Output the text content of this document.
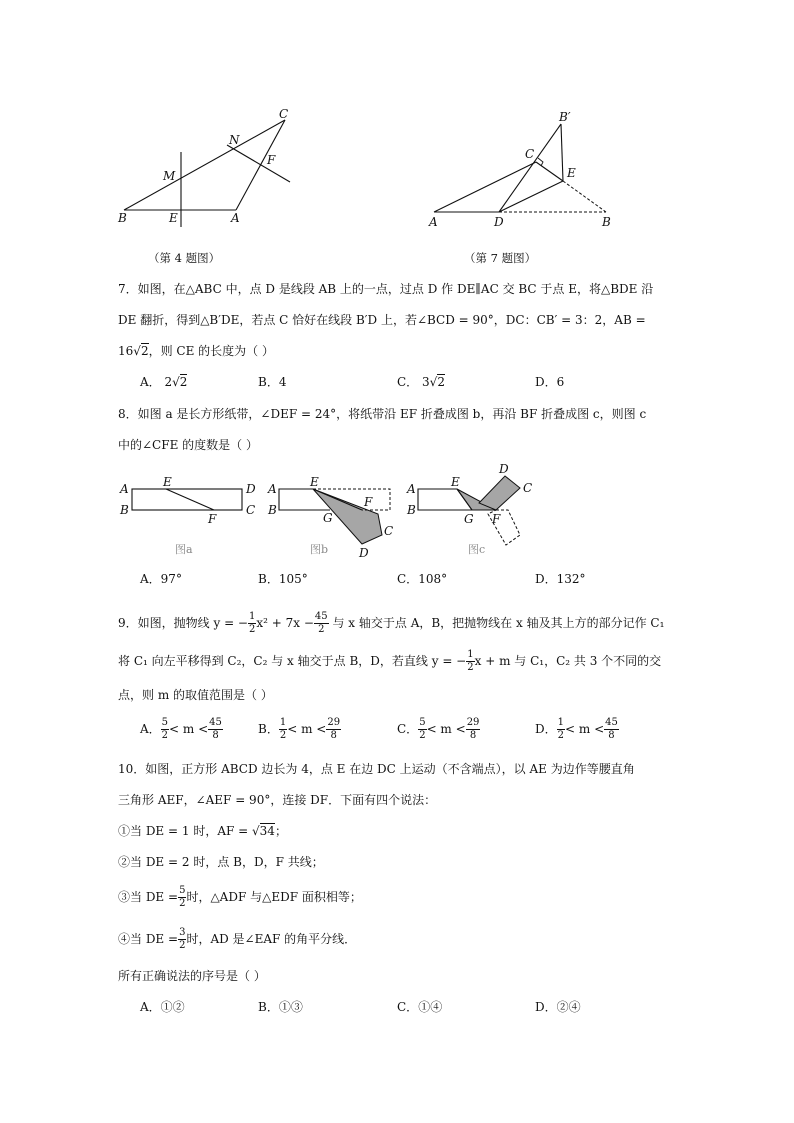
B	E	A
M
N
F
C
（第 4 题图）
A	D	B
C
E
B′
（第 7 题图）
7．如图，在△ABC 中，点 D 是线段 AB 上的一点，过点 D 作 DE∥AC 交 BC 于点 E，将△BDE 沿
DE 翻折，得到△B′DE，若点 C 恰好在线段 B′D 上，若∠BCD = 90°，DC：CB′ = 3：2，AB =
16√2，则 CE 的长度为（ ）
A． 2√2	B．4	C． 3√2	D．6
8．如图 a 是长方形纸带，∠DEF = 24°，将纸带沿 EF 折叠成图 b，再沿 BF 折叠成图 c，则图 c
中的∠CFE 的度数是（ ）
A
B
E
F
D
C
图a
A
B
E
F
G
C
D
图b
A
B
E
G F
D
C
图c
A．97°	B．105°	C．108°	D．132°
9．如图，抛物线 y = − $\frac{1}{2} x^2 + 7x - \frac{45}{2}$ 与 x 轴交于点 A，B，把抛物线在 x 轴及其上方的部分记作 C₁
将 C₁ 向左平移得到 C₂，C₂ 与 x 轴交于点 B，D，若直线 y = − $\frac{1}{2}$ x + m 与 C₁，C₂ 共 3 个不同的交
点，则 m 的取值范围是（ ）
A． $\frac{5}{2} < m < \frac{45}{8}$	B． $\frac{1}{2} < m < \frac{29}{8}$	C． $\frac{5}{2} < m < \frac{29}{8}$	D． $\frac{1}{2} < m < \frac{45}{8}$
10．如图，正方形 ABCD 边长为 4，点 E 在边 DC 上运动（不含端点），以 AE 为边作等腰直角
三角形 AEF，∠AEF = 90°，连接 DF．下面有四个说法：
①当 DE = 1 时，AF = √34；
②当 DE = 2 时，点 B，D，F 共线；
③当 DE = $\frac{5}{2}$ 时，△ADF 与△EDF 面积相等；
④当 DE = $\frac{3}{2}$ 时，AD 是∠EAF 的角平分线．
所有正确说法的序号是（ ）
A．①②	B．①③	C．①④	D．②④
